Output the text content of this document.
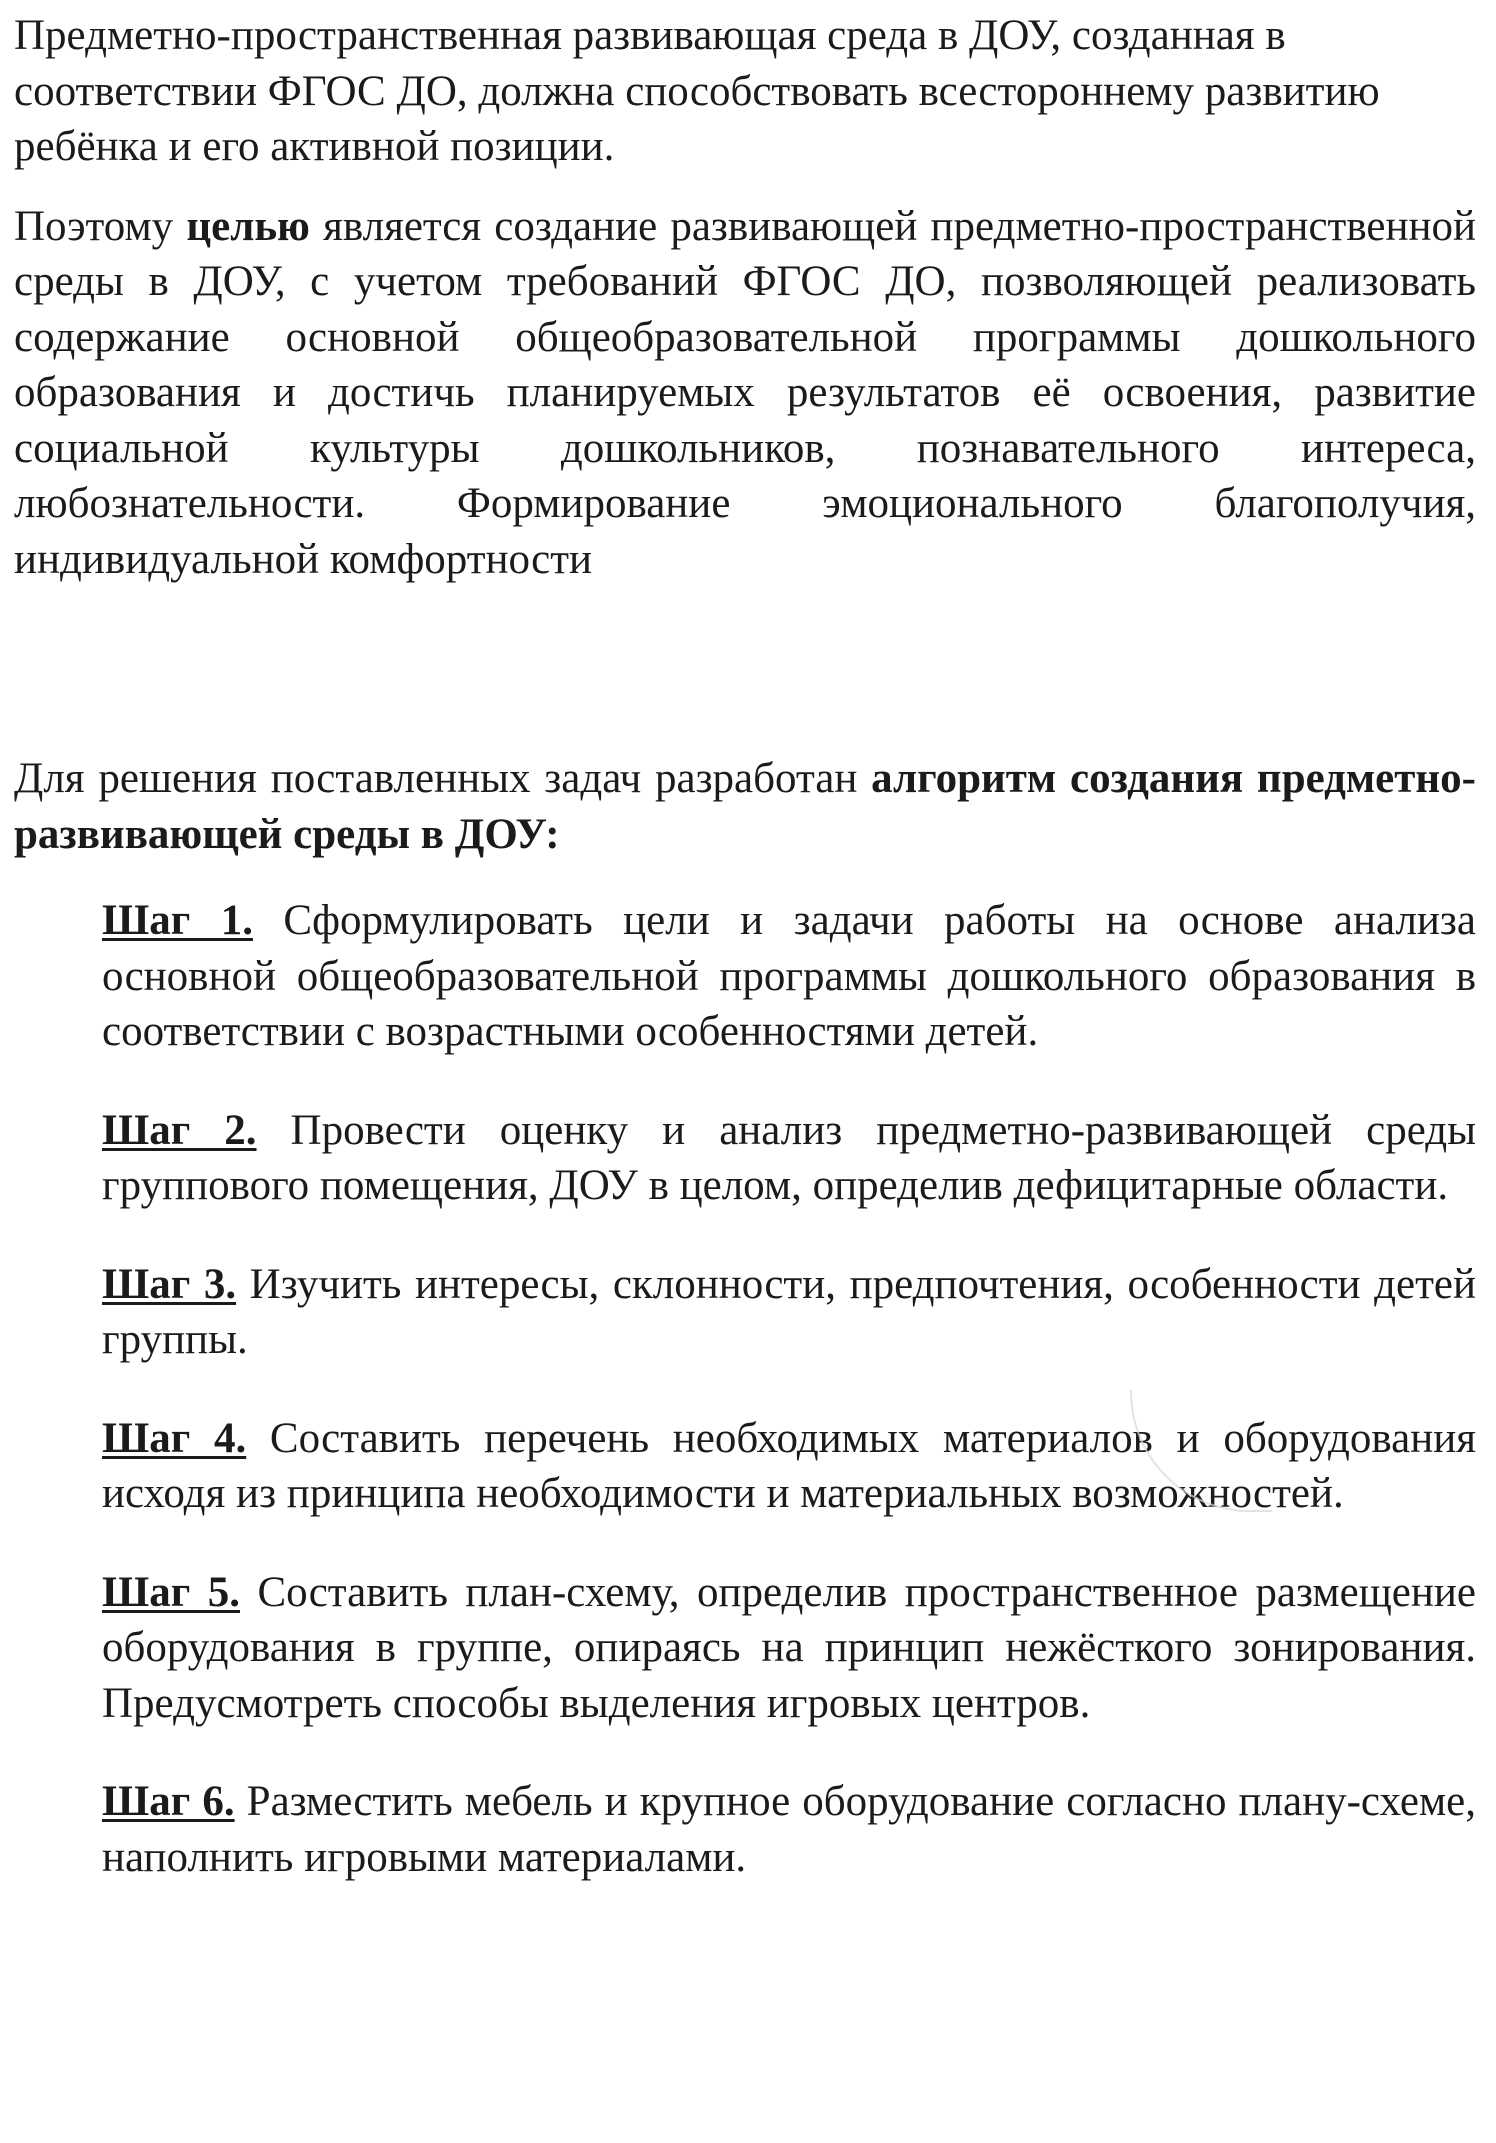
Предметно-пространственная развивающая среда в ДОУ, созданная в соответствии ФГОС ДО, должна способствовать всестороннему развитию ребёнка и его активной позиции.

Поэтому целью является создание развивающей предметно-пространственной среды в ДОУ, с учетом требований ФГОС ДО, позволяющей реализовать содержание основной общеобразовательной программы дошкольного образования и достичь планируемых результатов её освоения, развитие социальной культуры дошкольников, познавательного интереса, любознательности. Формирование эмоционального благополучия, индивидуальной комфортности

Для решения поставленных задач разработан алгоритм создания предметно-развивающей среды в ДОУ:

Шаг 1. Сформулировать цели и задачи работы на основе анализа основной общеобразовательной программы дошкольного образования в соответствии с возрастными особенностями детей.

Шаг 2. Провести оценку и анализ предметно-развивающей среды группового помещения, ДОУ в целом, определив дефицитарные области.

Шаг 3. Изучить интересы, склонности, предпочтения, особенности детей группы.

Шаг 4. Составить перечень необходимых материалов и оборудования исходя из принципа необходимости и материальных возможностей.

Шаг 5. Составить план-схему, определив пространственное размещение оборудования в группе, опираясь на принцип нежёсткого зонирования. Предусмотреть способы выделения игровых центров.

Шаг 6. Разместить мебель и крупное оборудование согласно плану-схеме, наполнить игровыми материалами.
